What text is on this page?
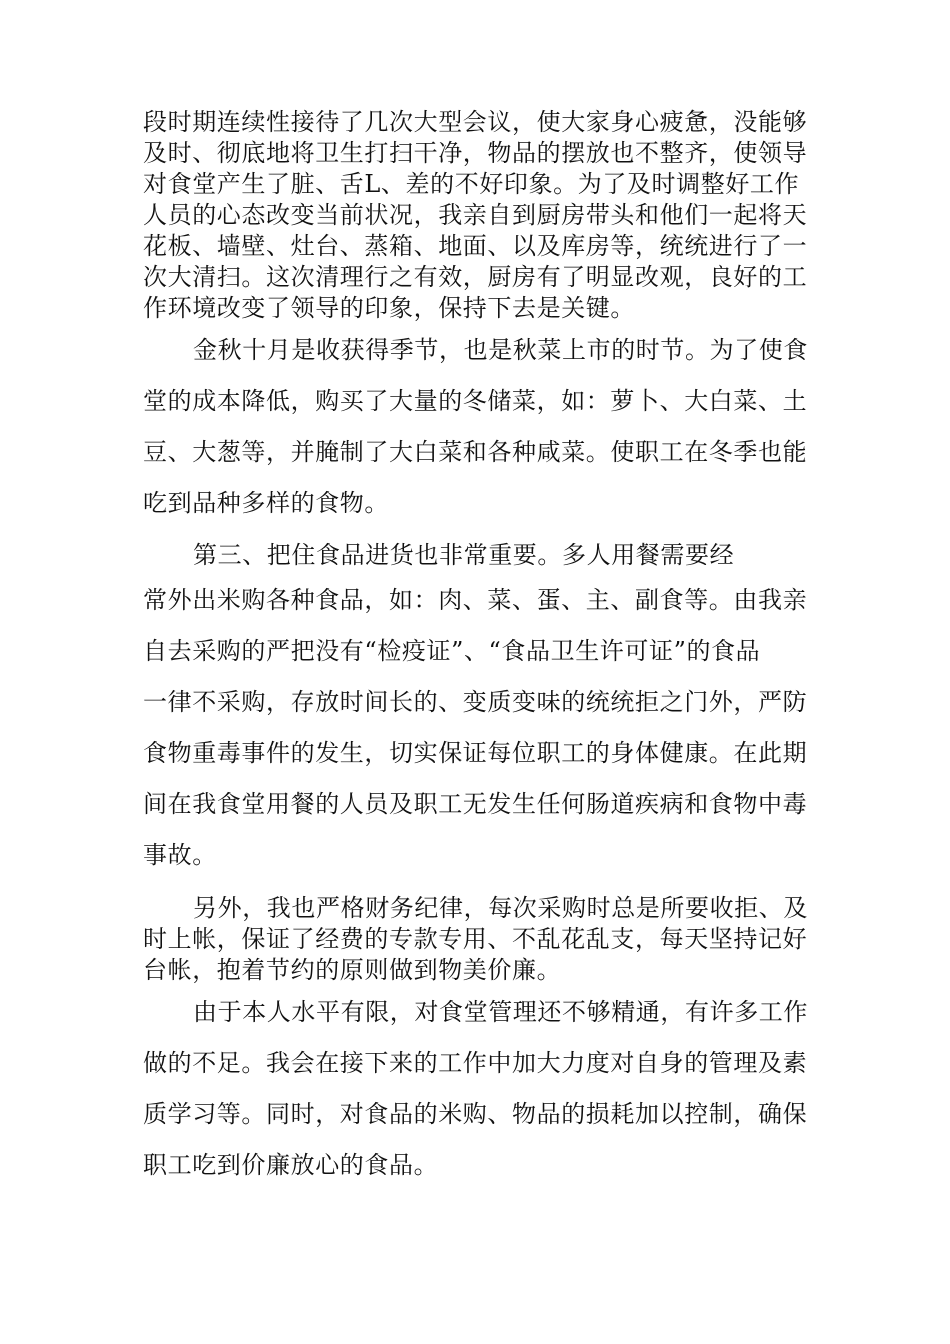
段时期连续性接待了几次大型会议，使大家身心疲惫，没能够
及时、彻底地将卫生打扫干净，物品的摆放也不整齐，使领导
对食堂产生了脏、舌L、差的不好印象。为了及时调整好工作
人员的心态改变当前状况，我亲自到厨房带头和他们一起将天
花板、墙壁、灶台、蒸箱、地面、以及库房等，统统进行了一
次大清扫。这次清理行之有效，厨房有了明显改观，良好的工
作环境改变了领导的印象，保持下去是关键。
金秋十月是收获得季节，也是秋菜上市的时节。为了使食
堂的成本降低，购买了大量的冬储菜，如：萝卜、大白菜、土
豆、大葱等，并腌制了大白菜和各种咸菜。使职工在冬季也能
吃到品种多样的食物。
第三、把住食品进货也非常重要。多人用餐需要经
常外出米购各种食品，如：肉、菜、蛋、主、副食等。由我亲
自去采购的严把没有“检疫证”、“食品卫生许可证”的食品
一律不采购，存放时间长的、变质变味的统统拒之门外，严防
食物重毒事件的发生，切实保证每位职工的身体健康。在此期
间在我食堂用餐的人员及职工无发生任何肠道疾病和食物中毒
事故。
另外，我也严格财务纪律，每次采购时总是所要收拒、及
时上帐，保证了经费的专款专用、不乱花乱支，每天坚持记好
台帐，抱着节约的原则做到物美价廉。
由于本人水平有限，对食堂管理还不够精通，有许多工作
做的不足。我会在接下来的工作中加大力度对自身的管理及素
质学习等。同时，对食品的米购、物品的损耗加以控制，确保
职工吃到价廉放心的食品。
